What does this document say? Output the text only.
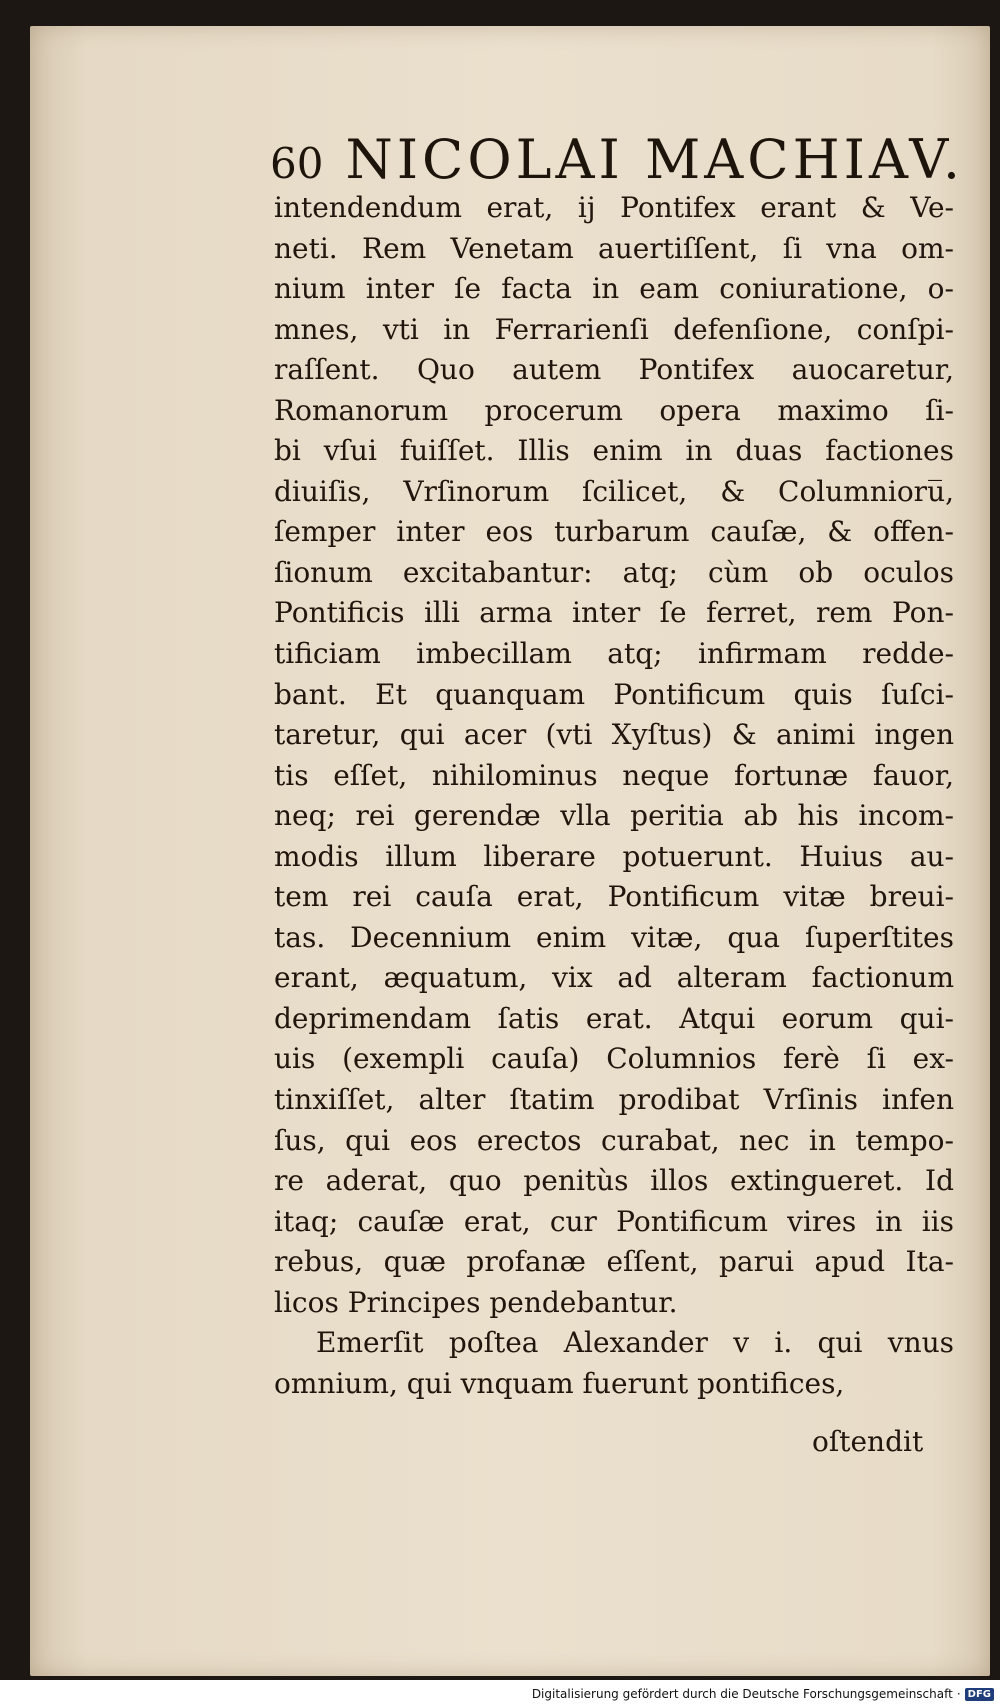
60 NICOLAI MACHIAV.
intendendum erat, ij Pontifex erant & Ve-
neti. Rem Venetam auertiſſent, ſi vna om-
nium inter ſe facta in eam coniuratione, o-
mnes, vti in Ferrarienſi defenſione, conſpi-
raſſent. Quo autem Pontifex auocaretur,
Romanorum procerum opera maximo ſi-
bi vſui fuiſſet. Illis enim in duas factiones
diuiſis, Vrſinorum ſcilicet, & Columnioru̅,
ſemper inter eos turbarum cauſæ, & offen-
ſionum excitabantur: atq; cùm ob oculos
Pontificis illi arma inter ſe ferret, rem Pon-
tificiam imbecillam atq; infirmam redde-
bant. Et quanquam Pontificum quis ſuſci-
taretur, qui acer (vti Xyſtus) & animi ingen
tis eſſet, nihilominus neque fortunæ fauor,
neq; rei gerendæ vlla peritia ab his incom-
modis illum liberare potuerunt. Huius au-
tem rei cauſa erat, Pontificum vitæ breui-
tas. Decennium enim vitæ, qua ſuperſtites
erant, æquatum, vix ad alteram factionum
deprimendam ſatis erat. Atqui eorum qui-
uis (exempli cauſa) Columnios ferè ſi ex-
tinxiſſet, alter ſtatim prodibat Vrſinis infen
ſus, qui eos erectos curabat, nec in tempo-
re aderat, quo penitùs illos extingueret. Id
itaq; cauſæ erat, cur Pontificum vires in iis
rebus, quæ profanæ eſſent, parui apud Ita-
licos Principes pendebantur.
Emerſit poſtea Alexander v i. qui vnus
omnium, qui vnquam fuerunt pontifices,
oſtendit
Digitalisierung gefördert durch die Deutsche Forschungsgemeinschaft · DFG
